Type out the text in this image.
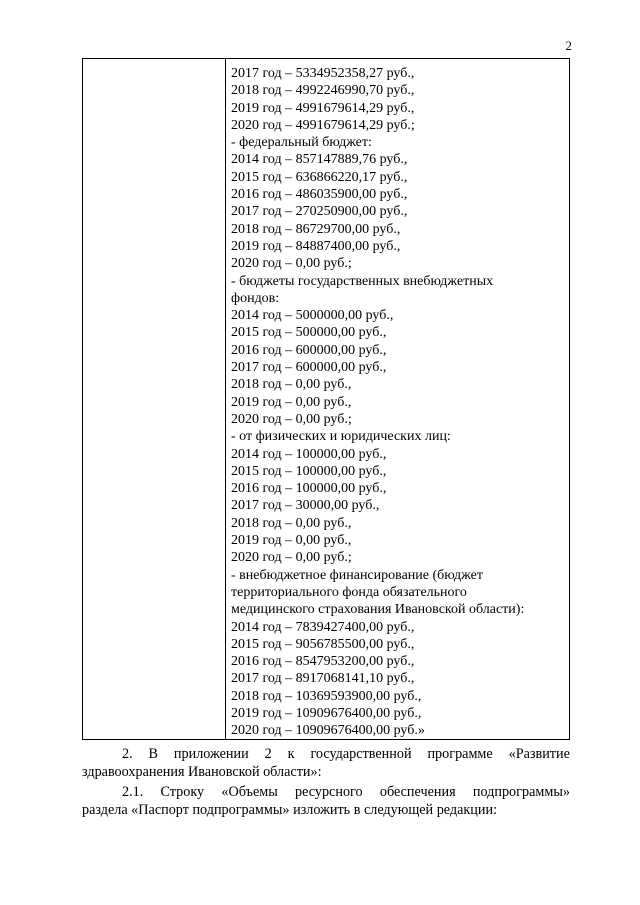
2
2017 год – 5334952358,27 руб.,
2018 год – 4992246990,70 руб.,
2019 год – 4991679614,29 руб.,
2020 год – 4991679614,29 руб.;
- федеральный бюджет:
2014 год – 857147889,76 руб.,
2015 год – 636866220,17 руб.,
2016 год – 486035900,00 руб.,
2017 год – 270250900,00 руб.,
2018 год – 86729700,00 руб.,
2019 год – 84887400,00 руб.,
2020 год – 0,00 руб.;
- бюджеты государственных внебюджетных
фондов:
2014 год – 5000000,00 руб.,
2015 год – 500000,00 руб.,
2016 год – 600000,00 руб.,
2017 год – 600000,00 руб.,
2018 год – 0,00 руб.,
2019 год – 0,00 руб.,
2020 год – 0,00 руб.;
- от физических и юридических лиц:
2014 год – 100000,00 руб.,
2015 год – 100000,00 руб.,
2016 год – 100000,00 руб.,
2017 год – 30000,00 руб.,
2018 год – 0,00 руб.,
2019 год – 0,00 руб.,
2020 год – 0,00 руб.;
- внебюджетное финансирование (бюджет
территориального фонда обязательного
медицинского страхования Ивановской области):
2014 год – 7839427400,00 руб.,
2015 год – 9056785500,00 руб.,
2016 год – 8547953200,00 руб.,
2017 год – 8917068141,10 руб.,
2018 год – 10369593900,00 руб.,
2019 год – 10909676400,00 руб.,
2020 год – 10909676400,00 руб.»
2. В приложении 2 к государственной программе «Развитие
здравоохранения Ивановской области»:
2.1. Строку «Объемы ресурсного обеспечения подпрограммы»
раздела «Паспорт подпрограммы» изложить в следующей редакции:
